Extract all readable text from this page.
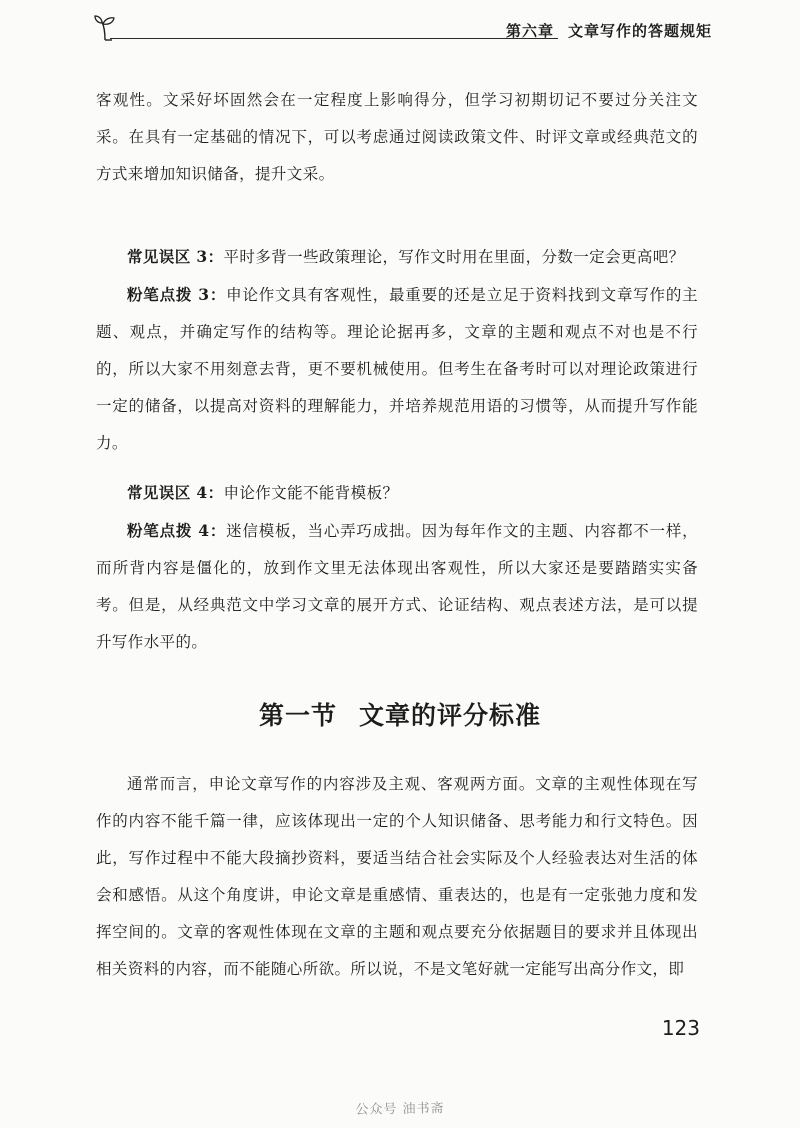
第六章 文章写作的答题规矩

客观性。文采好坏固然会在一定程度上影响得分，但学习初期切记不要过分关注文采。在具有一定基础的情况下，可以考虑通过阅读政策文件、时评文章或经典范文的方式来增加知识储备，提升文采。

常见误区 3：平时多背一些政策理论，写作文时用在里面，分数一定会更高吧？

粉笔点拨 3：申论作文具有客观性，最重要的还是立足于资料找到文章写作的主题、观点，并确定写作的结构等。理论论据再多，文章的主题和观点不对也是不行的，所以大家不用刻意去背，更不要机械使用。但考生在备考时可以对理论政策进行一定的储备，以提高对资料的理解能力，并培养规范用语的习惯等，从而提升写作能力。

常见误区 4：申论作文能不能背模板？

粉笔点拨 4：迷信模板，当心弄巧成拙。因为每年作文的主题、内容都不一样，而所背内容是僵化的，放到作文里无法体现出客观性，所以大家还是要踏踏实实备考。但是，从经典范文中学习文章的展开方式、论证结构、观点表述方法，是可以提升写作水平的。

第一节 文章的评分标准

通常而言，申论文章写作的内容涉及主观、客观两方面。文章的主观性体现在写作的内容不能千篇一律，应该体现出一定的个人知识储备、思考能力和行文特色。因此，写作过程中不能大段摘抄资料，要适当结合社会实际及个人经验表达对生活的体会和感悟。从这个角度讲，申论文章是重感情、重表达的，也是有一定张弛力度和发挥空间的。文章的客观性体现在文章的主题和观点要充分依据题目的要求并且体现出相关资料的内容，而不能随心所欲。所以说，不是文笔好就一定能写出高分作文，即

123
公众号 油书斋
